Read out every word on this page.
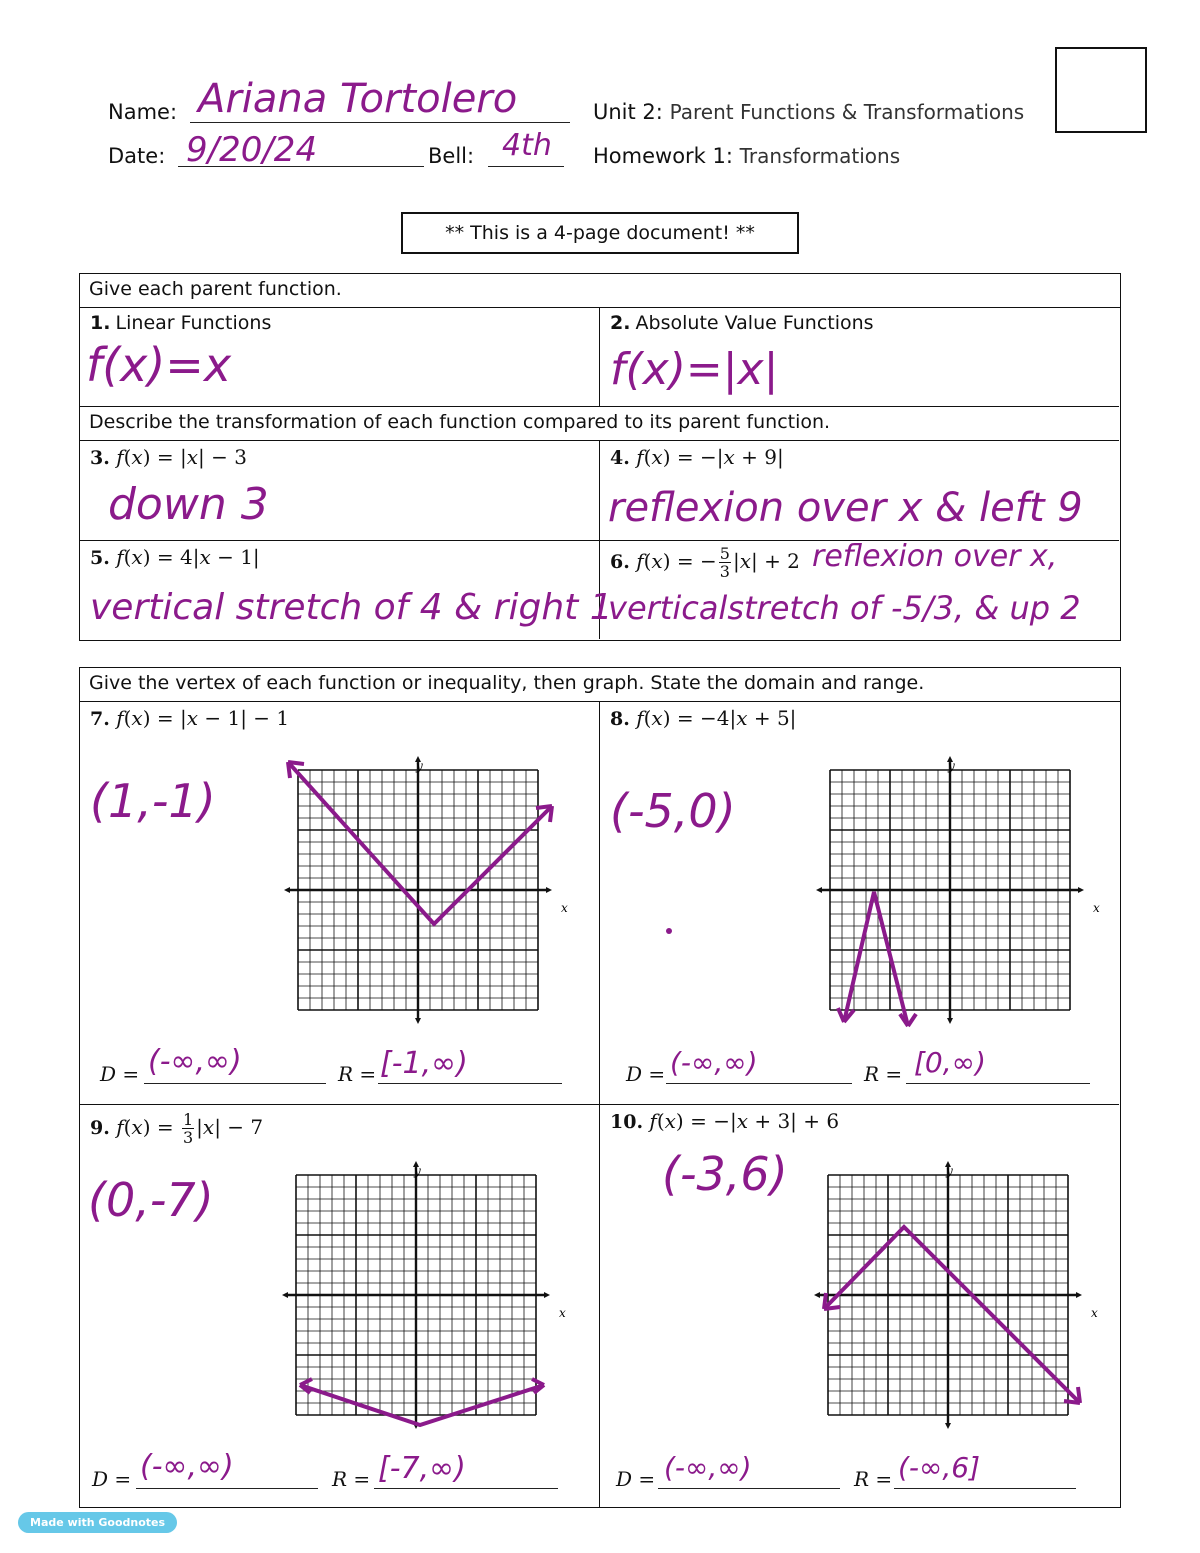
Name: Ariana Tortolero
Date: 9/20/24	Bell: 4th
Unit 2: Parent Functions & Transformations
Homework 1: Transformations
** This is a 4-page document! **
Give each parent function.
1. Linear Functions
f(x)=x
2. Absolute Value Functions
f(x)=|x|
Describe the transformation of each function compared to its parent function.
3. f(x) = |x| − 3
down 3
4. f(x) = −|x + 9|
reflexion over x & left 9
5. f(x) = 4|x − 1|
vertical stretch of 4 & right 1
6. f(x) = − $\frac{5}{3} |x| + 2$ reflexion over x,
verticalstretch of -5/3, & up 2
Give the vertex of each function or inequality, then graph. State the domain and range.
7. f(x) = |x − 1| − 1
(1,-1)
x
y
D = (-∞,∞)	R = [-1,∞)
8. f(x) = −4|x + 5|
(-5,0)
x
y
D = (-∞,∞)	R = [0,∞)
9. $f(x) = \frac{1}{3} |x| - 7$
(0,-7)
x
y
D = (-∞,∞)	R = [-7,∞)
10. f(x) = −|x + 3| + 6
(-3,6)
x
y
D = (-∞,∞)	R = (-∞,6]
Made with Goodnotes
